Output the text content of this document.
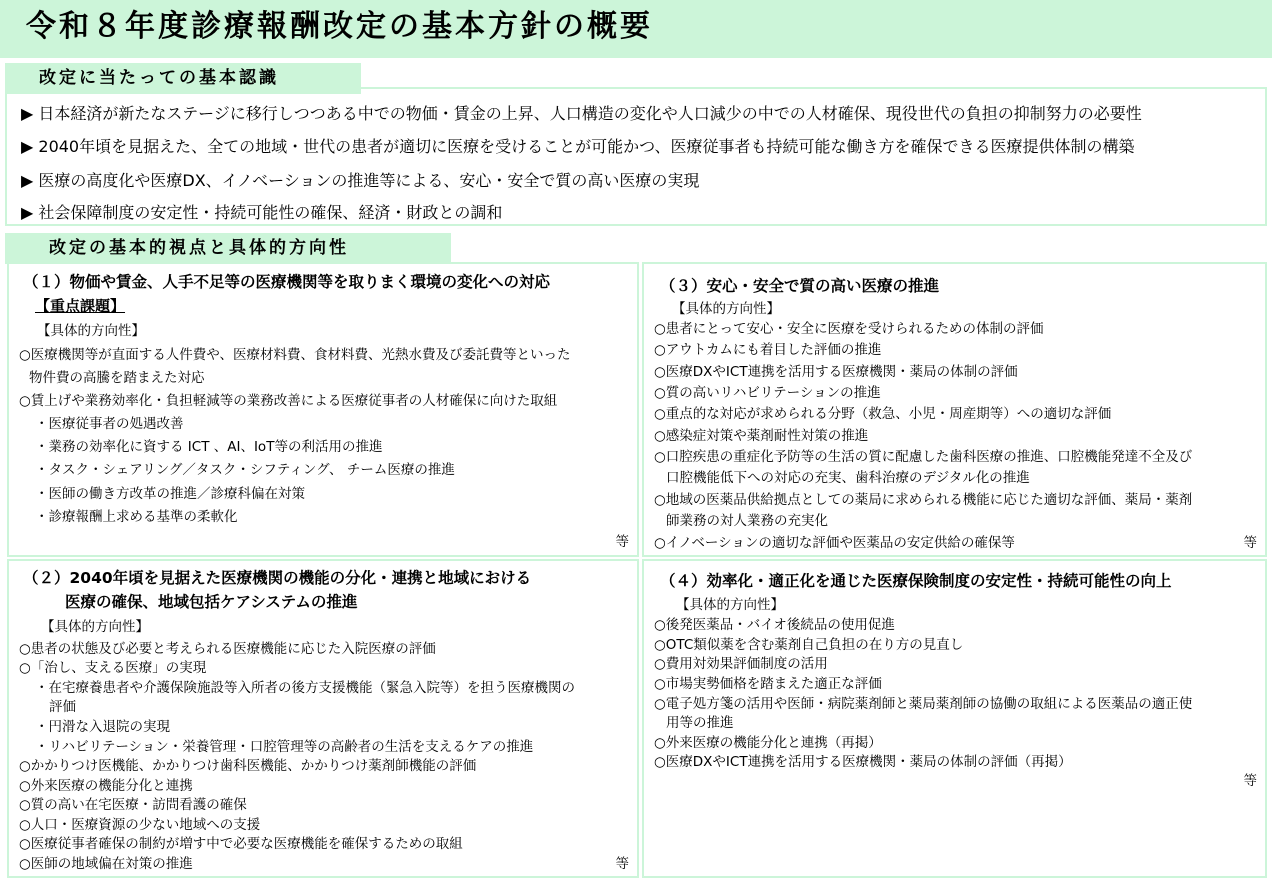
令和８年度診療報酬改定の基本方針の概要
▶ 日本経済が新たなステージに移行しつつある中での物価・賃金の上昇、人口構造の変化や人口減少の中での人材確保、現役世代の負担の抑制努力の必要性
▶ 2040年頃を見据えた、全ての地域・世代の患者が適切に医療を受けることが可能かつ、医療従事者も持続可能な働き方を確保できる医療提供体制の構築
▶ 医療の高度化や医療DX、イノベーションの推進等による、安心・安全で質の高い医療の実現
▶ 社会保障制度の安定性・持続可能性の確保、経済・財政との調和
改定に当たっての基本認識
改定の基本的視点と具体的方向性
（１）物価や賃金、人手不足等の医療機関等を取りまく環境の変化への対応
【重点課題】
【具体的方向性】
○医療機関等が直面する人件費や、医療材料費、食材料費、光熱水費及び委託費等といった
物件費の高騰を踏まえた対応
○賃上げや業務効率化・負担軽減等の業務改善による医療従事者の人材確保に向けた取組
・医療従事者の処遇改善
・業務の効率化に資する ICT 、AI、IoT等の利活用の推進
・タスク・シェアリング／タスク・シフティング、 チーム医療の推進
・医師の働き方改革の推進／診療科偏在対策
・診療報酬上求める基準の柔軟化
等
（２）2040年頃を見据えた医療機関の機能の分化・連携と地域における
医療の確保、地域包括ケアシステムの推進
【具体的方向性】
○患者の状態及び必要と考えられる医療機能に応じた入院医療の評価
○「治し、支える医療」の実現
・在宅療養患者や介護保険施設等入所者の後方支援機能（緊急入院等）を担う医療機関の
評価
・円滑な入退院の実現
・リハビリテーション・栄養管理・口腔管理等の高齢者の生活を支えるケアの推進
○かかりつけ医機能、かかりつけ歯科医機能、かかりつけ薬剤師機能の評価
○外来医療の機能分化と連携
○質の高い在宅医療・訪問看護の確保
○人口・医療資源の少ない地域への支援
○医療従事者確保の制約が増す中で必要な医療機能を確保するための取組
○医師の地域偏在対策の推進	等
（３）安心・安全で質の高い医療の推進
【具体的方向性】
○患者にとって安心・安全に医療を受けられるための体制の評価
○アウトカムにも着目した評価の推進
○医療DXやICT連携を活用する医療機関・薬局の体制の評価
○質の高いリハビリテーションの推進
○重点的な対応が求められる分野（救急、小児・周産期等）への適切な評価
○感染症対策や薬剤耐性対策の推進
○口腔疾患の重症化予防等の生活の質に配慮した歯科医療の推進、口腔機能発達不全及び
口腔機能低下への対応の充実、歯科治療のデジタル化の推進
○地域の医薬品供給拠点としての薬局に求められる機能に応じた適切な評価、薬局・薬剤
師業務の対人業務の充実化
○イノベーションの適切な評価や医薬品の安定供給の確保等	等
（４）効率化・適正化を通じた医療保険制度の安定性・持続可能性の向上
【具体的方向性】
○後発医薬品・バイオ後続品の使用促進
○OTC類似薬を含む薬剤自己負担の在り方の見直し
○費用対効果評価制度の活用
○市場実勢価格を踏まえた適正な評価
○電子処方箋の活用や医師・病院薬剤師と薬局薬剤師の協働の取組による医薬品の適正使
用等の推進
○外来医療の機能分化と連携（再掲）
○医療DXやICT連携を活用する医療機関・薬局の体制の評価（再掲）
等
